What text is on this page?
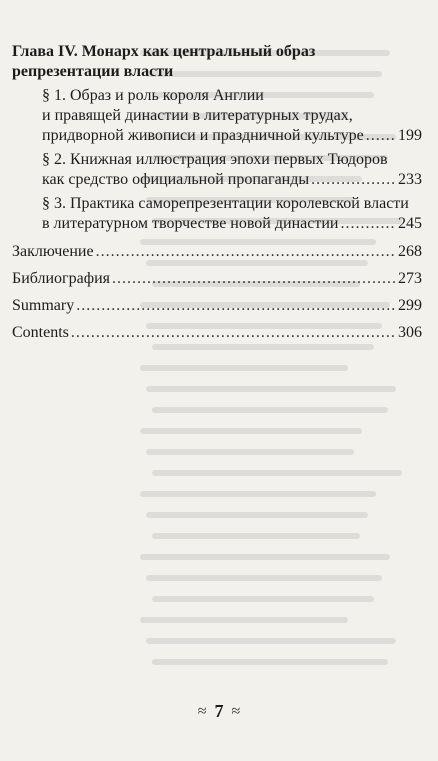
Глава IV. Монарх как центральный образ
репрезентации власти
§ 1. Образ и роль короля Англии
и правящей династии в литературных трудах,
придворной живописи и праздничной культуре ..... 199
§ 2. Книжная иллюстрация эпохи первых Тюдоров
как средство официальной пропаганды .....	233
§ 3. Практика саморепрезентации королевской власти
в литературном творчестве новой династии .....	245
Заключение .....	268
Библиография .....	273
Summary .....	299
Contents .....	306
≈ 7 ≈
